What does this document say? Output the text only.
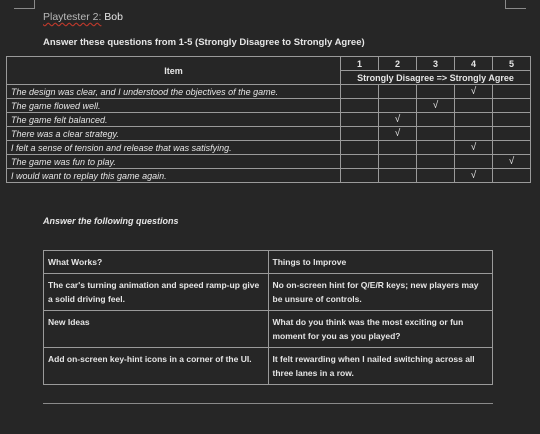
Playtester 2: Bob
Answer these questions from 1-5 (Strongly Disagree to Strongly Agree)
Item	1	2	3	4	5
	Strongly Disagree => Strongly Agree				
The design was clear, and I understood the objectives of the game.				√	
The game flowed well.			√		
The game felt balanced.		√			
There was a clear strategy.		√			
I felt a sense of tension and release that was satisfying.				√	
The game was fun to play.					√
I would want to replay this game again.				√	
Answer the following questions
What Works?	Things to Improve
The car's turning animation and speed ramp-up give a solid driving feel.	No on-screen hint for Q/E/R keys; new players may be unsure of controls.
New Ideas	What do you think was the most exciting or fun moment for you as you played?
Add on-screen key-hint icons in a corner of the UI.	It felt rewarding when I nailed switching across all three lanes in a row.
